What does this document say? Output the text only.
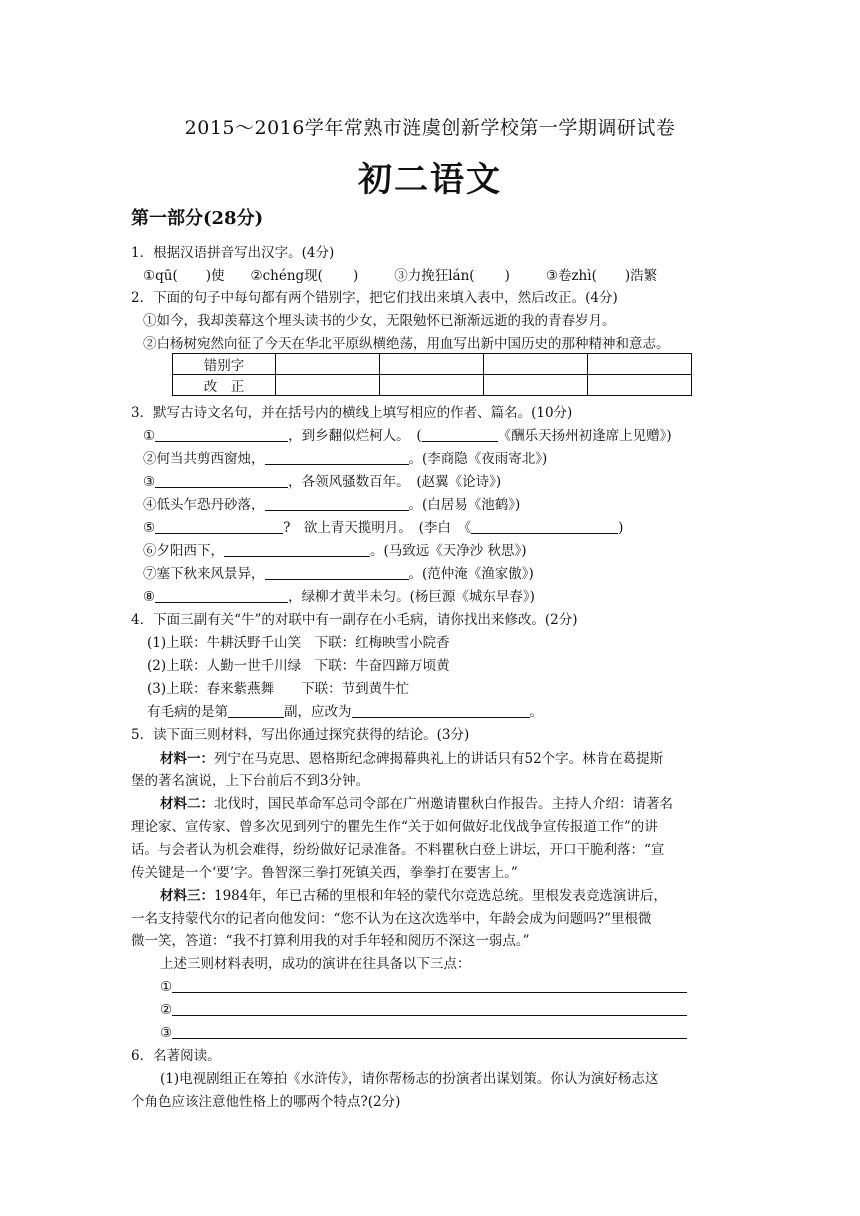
2015～2016学年常熟市涟虞创新学校第一学期调研试卷
初二语文
第一部分(28分)
1．根据汉语拼音写出汉字。(4分)
①qū( )使 ②chéng现( )	③力挽狂lán( )	③卷zhì( )浩繁
2．下面的句子中每句都有两个错别字，把它们找出来填入表中，然后改正。(4分)
①如今，我却羡幕这个埋头读书的少女，无限勉怀已渐渐远逝的我的青春岁月。
②白杨树宛然向征了今天在华北平原纵横绝荡，用血写出新中国历史的那种精神和意志。
错别字				
改　正				
3．默写古诗文名句，并在括号内的横线上填写相应的作者、篇名。(10分)
①	，到乡翻似烂柯人。　(	《酬乐天扬州初逢席上见赠》)
②何当共剪西窗烛，	。(李商隐《夜雨寄北》)
③	，各领风骚数百年。　(赵翼《论诗》)
④低头乍恐丹砂落，	。(白居易《池鹤》)
⑤	?　欲上青天揽明月。　(李白　《	)
⑥夕阳西下，	。(马致远《天净沙 秋思》)
⑦塞下秋来风景异，	。(范仲淹《渔家傲》)
⑧	，绿柳才黄半未匀。(杨巨源《城东早春》)
4．下面三副有关“牛”的对联中有一副存在小毛病，请你找出来修改。(2分)
(1)上联：牛耕沃野千山笑　下联：红梅映雪小院香
(2)上联：人勤一世千川绿　下联：牛奋四蹄万顷黄
(3)上联：春来紫燕舞　　下联：节到黄牛忙
有毛病的是第	副，应改为	。
5．读下面三则材料，写出你通过探究获得的结论。(3分)
材料一：列宁在马克思、恩格斯纪念碑揭幕典礼上的讲话只有52个字。林肯在葛提斯
堡的著名演说，上下台前后不到3分钟。
材料二：北伐时，国民革命军总司令部在广州邀请瞿秋白作报告。主持人介绍：请著名
理论家、宣传家、曾多次见到列宁的瞿先生作“关于如何做好北伐战争宣传报道工作”的讲
话。与会者认为机会难得，纷纷做好记录准备。不料瞿秋白登上讲坛，开口干脆利落：“宣
传关键是一个‘要’字。鲁智深三拳打死镇关西，拳拳打在要害上。”
材料三：1984年，年已古稀的里根和年轻的蒙代尔竞选总统。里根发表竞选演讲后，
一名支持蒙代尔的记者向他发问：“您不认为在这次选举中，年龄会成为问题吗?”里根微
微一笑，答道：“我不打算利用我的对手年轻和阅历不深这一弱点。”
上述三则材料表明，成功的演讲在往具备以下三点：
①
②
③
6．名著阅读。
(1)电视剧组正在筹拍《水浒传》，请你帮杨志的扮演者出谋划策。你认为演好杨志这
个角色应该注意他性格上的哪两个特点?(2分)
